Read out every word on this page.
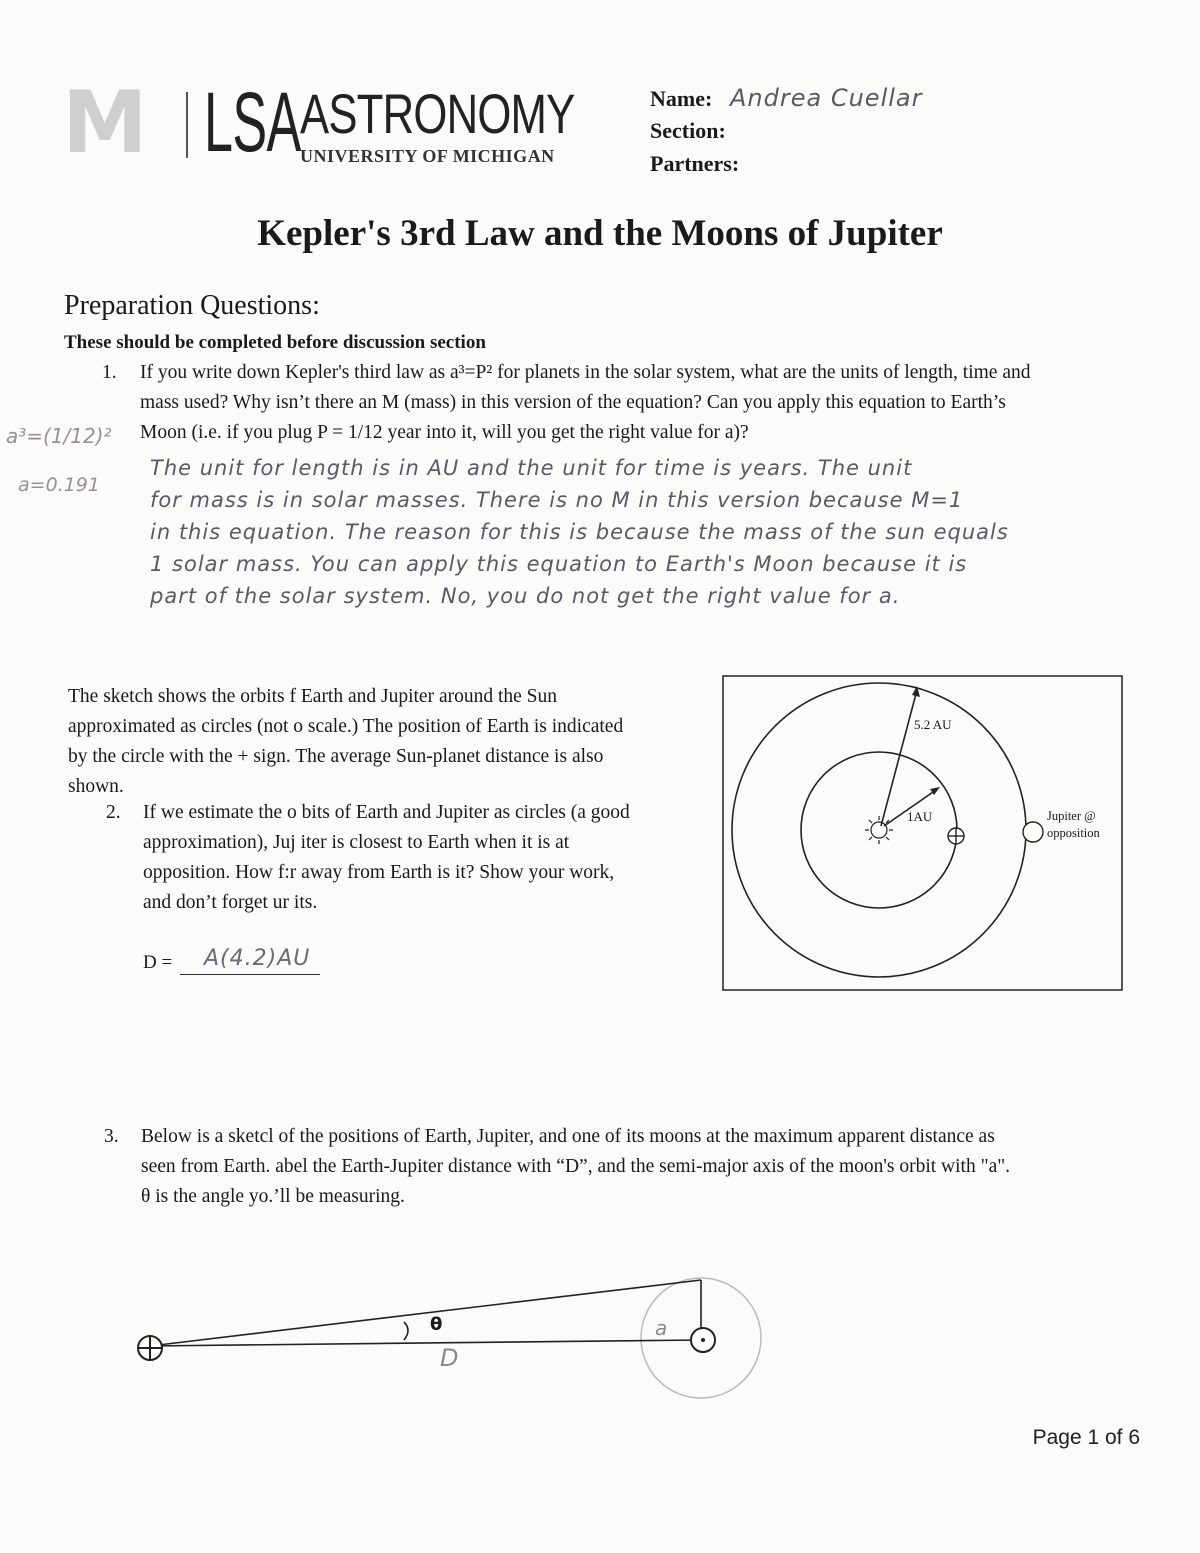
M LSA ASTRONOMY
UNIVERSITY OF MICHIGAN
Name: Andrea Cuellar
Section:
Partners:
Kepler's 3rd Law and the Moons of Jupiter
Preparation Questions:
These should be completed before discussion section
1. If you write down Kepler's third law as a³=P² for planets in the solar system, what are the units of length, time and
mass used? Why isn’t there an M (mass) in this version of the equation? Can you apply this equation to Earth’s
Moon (i.e. if you plug P = 1/12 year into it, will you get the right value for a)?
a³=(1/12)²
a=0.191
The unit for length is in AU and the unit for time is years. The unit
for mass is in solar masses. There is no M in this version because M=1
in this equation. The reason for this is because the mass of the sun equals
1 solar mass. You can apply this equation to Earth's Moon because it is
part of the solar system. No, you do not get the right value for a.
The sketch shows the orbits f Earth and Jupiter around the Sun
approximated as circles (not o scale.) The position of Earth is indicated
by the circle with the + sign. The average Sun-planet distance is also
shown.
2. If we estimate the o bits of Earth and Jupiter as circles (a good
approximation), Juj iter is closest to Earth when it is at
opposition. How f:r away from Earth is it? Show your work,
and don’t forget ur its.
D = A(4.2)AU
5.2 AU
1AU	Jupiter @
opposition
3. Below is a sketcl of the positions of Earth, Jupiter, and one of its moons at the maximum apparent distance as
seen from Earth. abel the Earth-Jupiter distance with “D”, and the semi-major axis of the moon's orbit with "a".
θ is the angle yo.’ll be measuring.
θ
D
a
Page 1 of 6
